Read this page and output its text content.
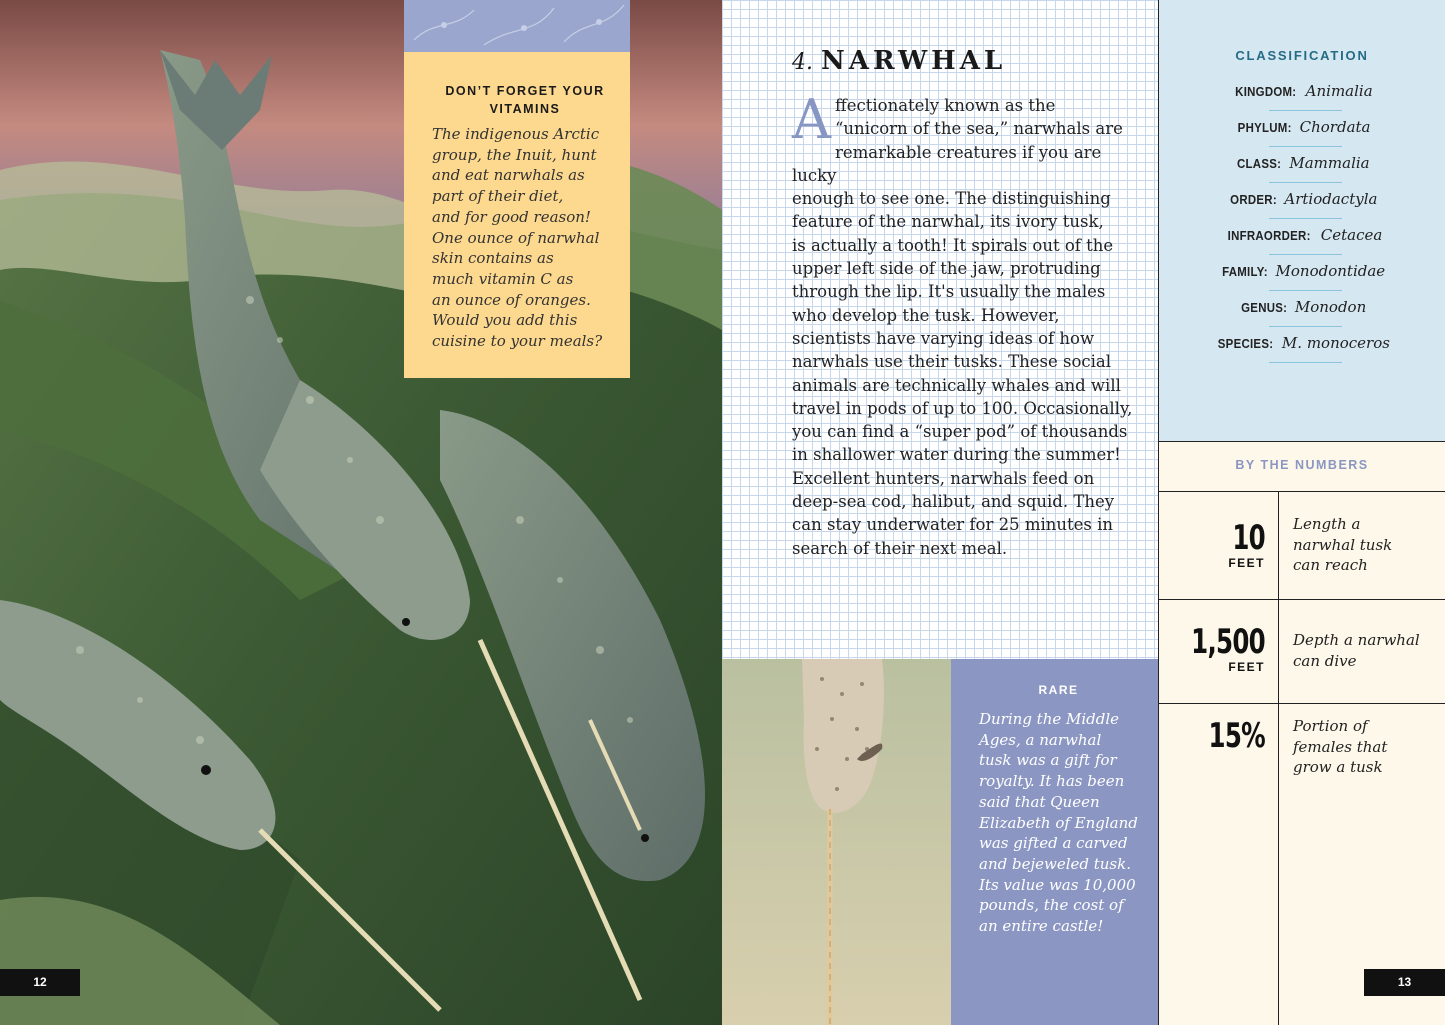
DON’T FORGET YOUR VITAMINS
The indigenous Arctic
group, the Inuit, hunt
and eat narwhals as
part of their diet,
and for good reason!
One ounce of narwhal
skin contains as
much vitamin C as
an ounce of oranges.
Would you add this
cuisine to your meals?
12
4. NARWHAL
Affectionately known as the
“unicorn of the sea,” narwhals are
remarkable creatures if you are lucky
enough to see one. The distinguishing
feature of the narwhal, its ivory tusk,
is actually a tooth! It spirals out of the
upper left side of the jaw, protruding
through the lip. It's usually the males
who develop the tusk. However,
scientists have varying ideas of how
narwhals use their tusks. These social
animals are technically whales and will
travel in pods of up to 100. Occasionally,
you can find a “super pod” of thousands
in shallower water during the summer!
Excellent hunters, narwhals feed on
deep-sea cod, halibut, and squid. They
can stay underwater for 25 minutes in
search of their next meal.
RARE
During the Middle
Ages, a narwhal
tusk was a gift for
royalty. It has been
said that Queen
Elizabeth of England
was gifted a carved
and bejeweled tusk.
Its value was 10,000
pounds, the cost of
an entire castle!
CLASSIFICATION
KINGDOM: Animalia
PHYLUM: Chordata
CLASS: Mammalia
ORDER: Artiodactyla
INFRAORDER: Cetacea
FAMILY: Monodontidae
GENUS: Monodon
SPECIES: M. monoceros
BY THE NUMBERS
10
FEET
Length a
narwhal tusk
can reach
1,500
FEET
Depth a narwhal
can dive
15% Portion of
females that
grow a tusk
13
